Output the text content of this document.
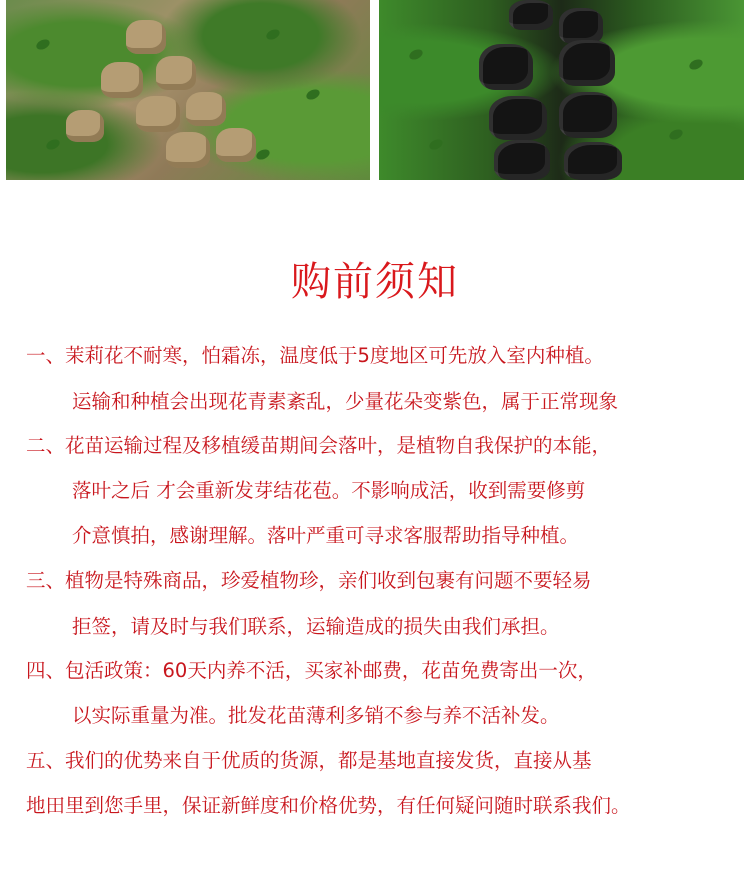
购前须知
一、茉莉花不耐寒，怕霜冻，温度低于5度地区可先放入室内种植。
运输和种植会出现花青素紊乱，少量花朵变紫色，属于正常现象
二、花苗运输过程及移植缓苗期间会落叶，是植物自我保护的本能，
落叶之后 才会重新发芽结花苞。不影响成活，收到需要修剪
介意慎拍，感谢理解。落叶严重可寻求客服帮助指导种植。
三、植物是特殊商品，珍爱植物珍，亲们收到包裹有问题不要轻易
拒签，请及时与我们联系，运输造成的损失由我们承担。
四、包活政策：60天内养不活，买家补邮费，花苗免费寄出一次，
以实际重量为准。批发花苗薄利多销不参与养不活补发。
五、我们的优势来自于优质的货源，都是基地直接发货，直接从基
地田里到您手里，保证新鲜度和价格优势，有任何疑问随时联系我们。
